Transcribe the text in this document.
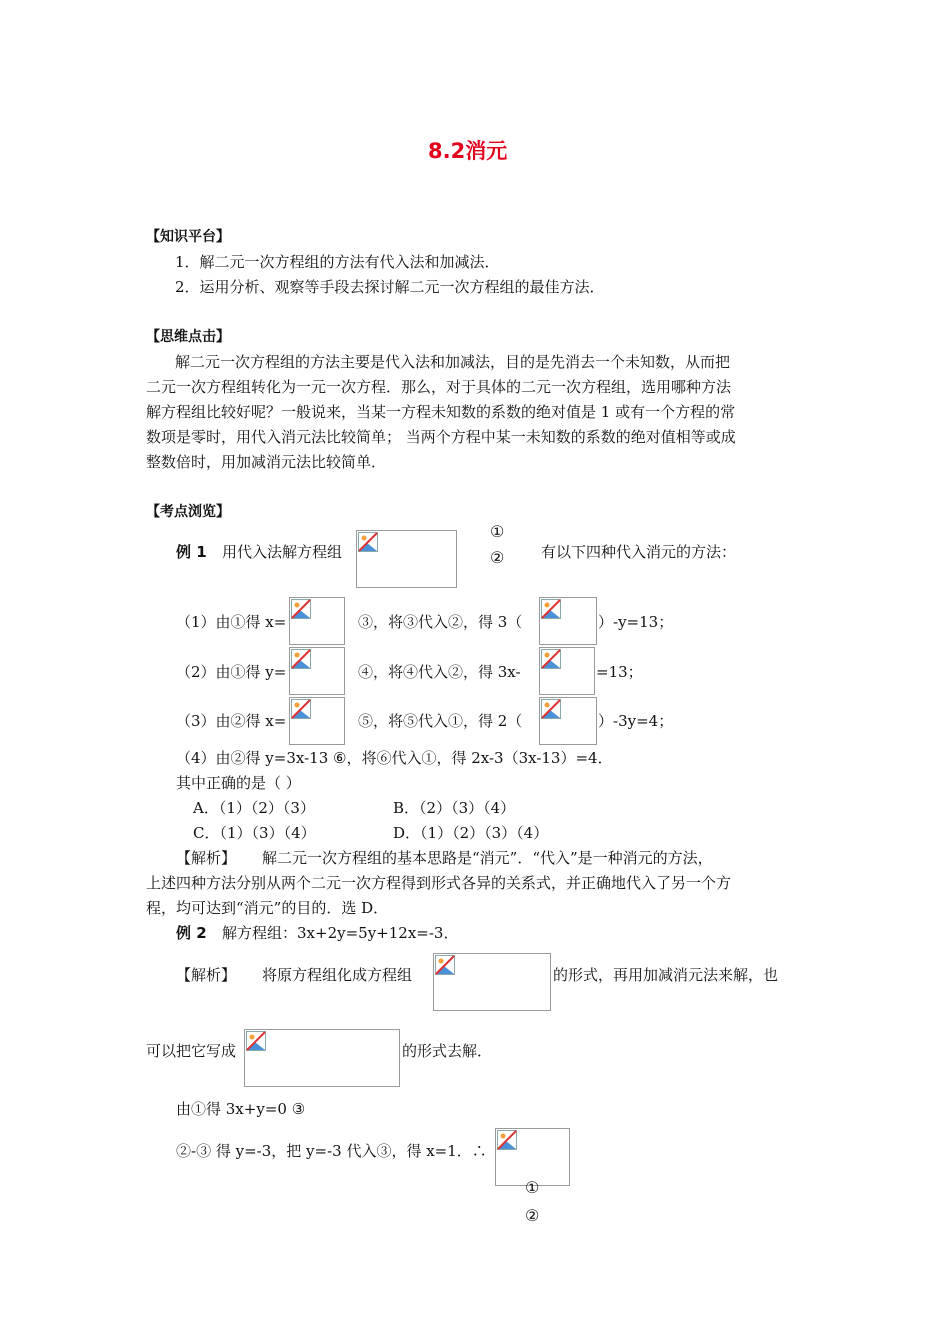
8.2消元
【知识平台】
1．解二元一次方程组的方法有代入法和加减法．
2．运用分析、观察等手段去探讨解二元一次方程组的最佳方法．
【思维点击】
解二元一次方程组的方法主要是代入法和加减法，目的是先消去一个未知数，从而把
二元一次方程组转化为一元一次方程．那么，对于具体的二元一次方程组，选用哪种方法
解方程组比较好呢？一般说来，当某一方程未知数的系数的绝对值是 1 或有一个方程的常
数项是零时，用代入消元法比较简单； 当两个方程中某一未知数的系数的绝对值相等或成
整数倍时，用加减消元法比较简单．
【考点浏览】
例 1 用代入法解方程组
①
② 有以下四种代入消元的方法：
（1）由①得 x=	③，将③代入②，得 3（	）-y=13；
（2）由①得 y=	④，将④代入②，得 3x-	=13；
（3）由②得 x=	⑤，将⑤代入①，得 2（	）-3y=4；
（4）由②得 y=3x-13 ⑥，将⑥代入①，得 2x-3（3x-13）=4．
其中正确的是（ ）
A．（1）（2）（3）	B．（2）（3）（4）
C．（1）（3）（4）	D．（1）（2）（3）（4）
【解析】 解二元一次方程组的基本思路是“消元”．“代入”是一种消元的方法，
上述四种方法分别从两个二元一次方程得到形式各异的关系式，并正确地代入了另一个方
程，均可达到“消元”的目的．选 D．
例 2 解方程组：3x+2y=5y+12x=-3．
【解析】 将原方程组化成方程组	的形式，再用加减消元法来解，也
可以把它写成	的形式去解．
由①得 3x+y=0 ③
②-③ 得 y=-3，把 y=-3 代入③，得 x=1．∴
①
②
